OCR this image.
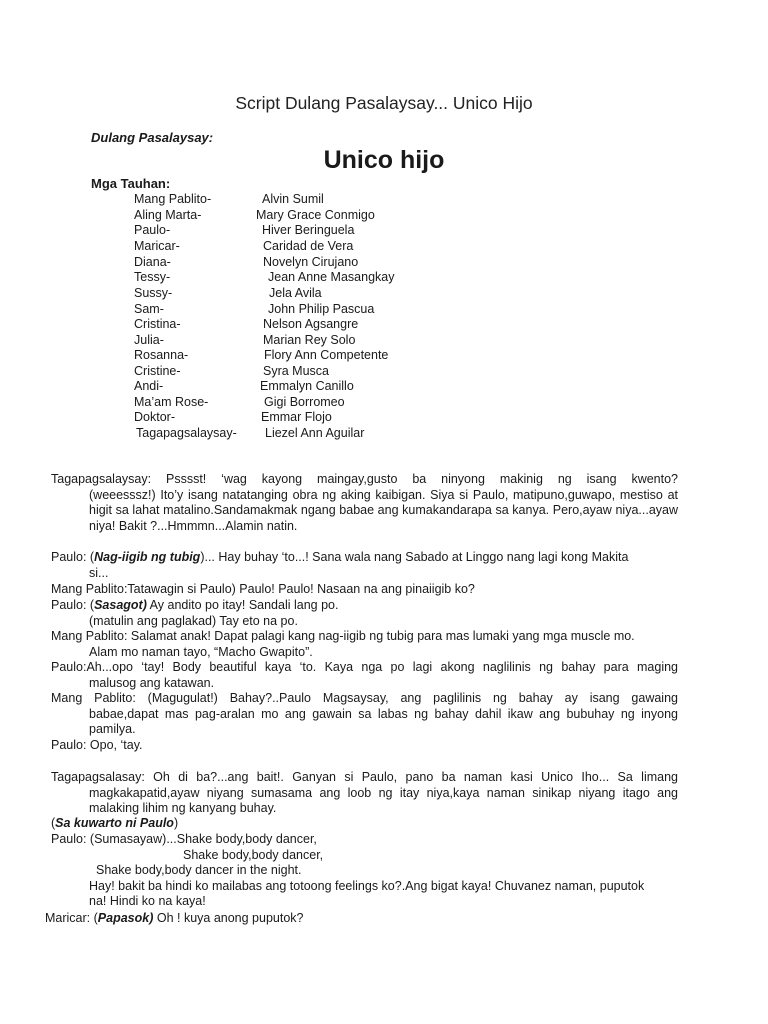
Script Dulang Pasalaysay... Unico Hijo
Dulang Pasalaysay:
Unico hijo
Mga Tauhan:
Mang Pablito-	Alvin Sumil
Aling Marta-	Mary Grace Conmigo
Paulo-	Hiver Beringuela
Maricar-	Caridad de Vera
Diana-	Novelyn Cirujano
Tessy-	Jean Anne Masangkay
Sussy-	Jela Avila
Sam-	John Philip Pascua
Cristina-	Nelson Agsangre
Julia-	Marian Rey Solo
Rosanna-	Flory Ann Competente
Cristine-	Syra Musca
Andi-	Emmalyn Canillo
Ma’am Rose-	Gigi Borromeo
Doktor-	Emmar Flojo
Tagapagsalaysay- Liezel Ann Aguilar
Tagapagsalaysay: Psssst! ‘wag kayong maingay,gusto ba ninyong makinig ng isang kwento?
(weeesssz!) Ito’y isang natatanging obra ng aking kaibigan. Siya si Paulo, matipuno,guwapo, mestiso at higit sa lahat matalino.Sandamakmak ngang babae ang kumakandarapa sa kanya. Pero,ayaw niya...ayaw niya! Bakit ?...Hmmmn...Alamin natin.
Paulo: (Nag-iigib ng tubig)... Hay buhay ‘to...! Sana wala nang Sabado at Linggo nang lagi kong Makita
si...
Mang Pablito:Tatawagin si Paulo) Paulo! Paulo! Nasaan na ang pinaiigib ko?
Paulo: (Sasagot) Ay andito po itay! Sandali lang po.
(matulin ang paglakad) Tay eto na po.
Mang Pablito: Salamat anak! Dapat palagi kang nag-iigib ng tubig para mas lumaki yang mga muscle mo.
Alam mo naman tayo, “Macho Gwapito”.
Paulo:Ah...opo ‘tay! Body beautiful kaya ‘to. Kaya nga po lagi akong naglilinis ng bahay para maging
malusog ang katawan.
Mang Pablito: (Magugulat!) Bahay?..Paulo Magsaysay, ang paglilinis ng bahay ay isang gawaing
babae,dapat mas pag-aralan mo ang gawain sa labas ng bahay dahil ikaw ang bubuhay ng inyong pamilya.
Paulo: Opo, ‘tay.
Tagapagsalasay: Oh di ba?...ang bait!. Ganyan si Paulo, pano ba naman kasi Unico Iho... Sa limang
magkakapatid,ayaw niyang sumasama ang loob ng itay niya,kaya naman sinikap niyang itago ang malaking lihim ng kanyang buhay.
(Sa kuwarto ni Paulo)
Paulo: (Sumasayaw)...Shake body,body dancer,
Shake body,body dancer,
Shake body,body dancer in the night.
Hay! bakit ba hindi ko mailabas ang totoong feelings ko?.Ang bigat kaya! Chuvanez naman, puputok
na! Hindi ko na kaya!
Maricar: (Papasok) Oh ! kuya anong puputok?
